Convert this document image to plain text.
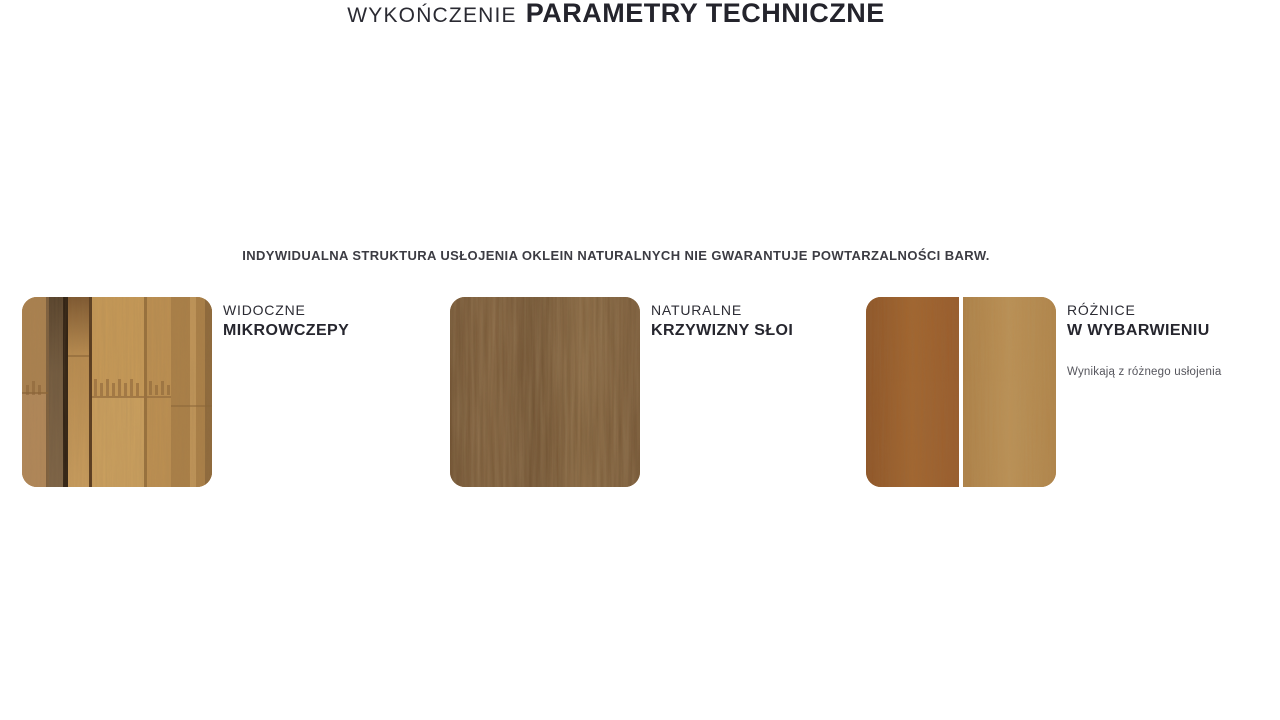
WYKOŃCZENIE PARAMETRY TECHNICZNE
INDYWIDUALNA STRUKTURA USŁOJENIA OKLEIN NATURALNYCH NIE GWARANTUJE POWTARZALNOŚCI BARW.
WIDOCZNE
MIKROWCZEPY
NATURALNE
KRZYWIZNY SŁOI
RÓŻNICE
W WYBARWIENIU
Wynikają z różnego usłojenia
